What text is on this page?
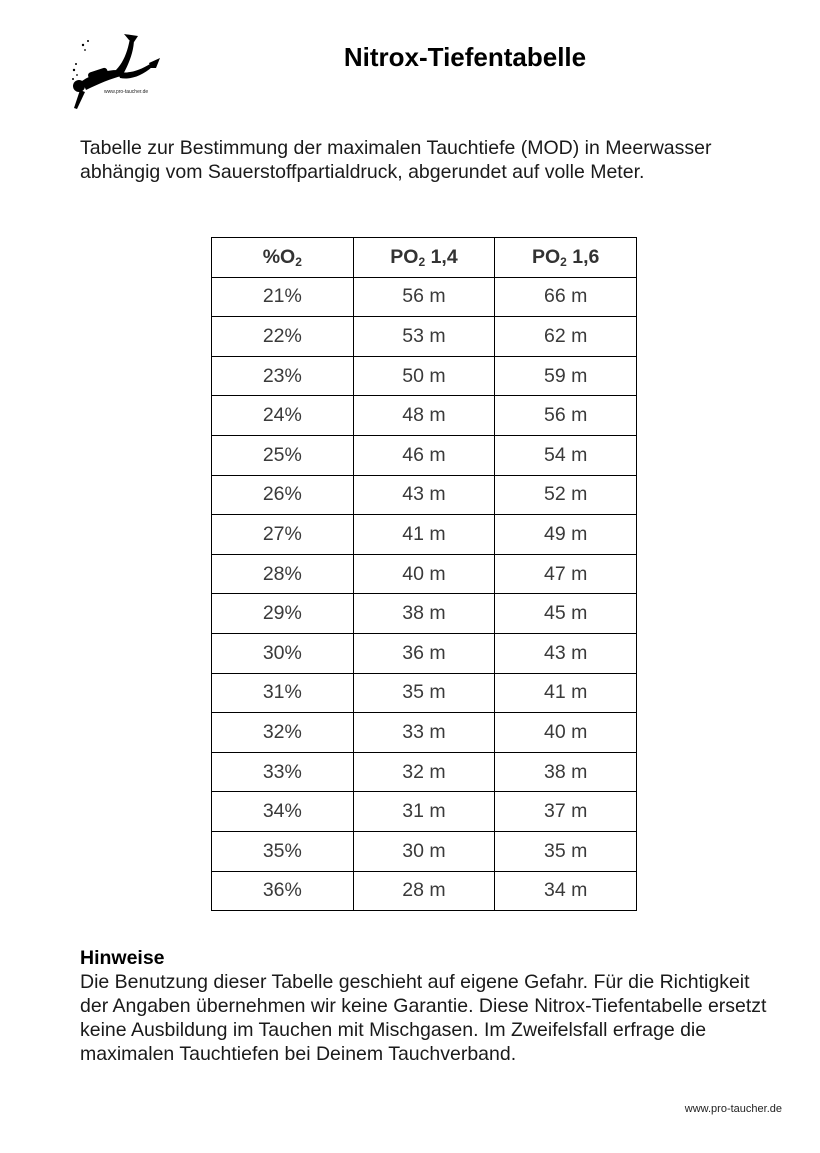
www.pro-taucher.de
Nitrox-Tiefentabelle

Tabelle zur Bestimmung der maximalen Tauchtiefe (MOD) in Meerwasser abhängig vom Sauerstoffpartialdruck, abgerundet auf volle Meter.

$\%O_2$	$PO_2$ 1,4	$PO_2$ 1,6
21%	56 m	66 m
22%	53 m	62 m
23%	50 m	59 m
24%	48 m	56 m
25%	46 m	54 m
26%	43 m	52 m
27%	41 m	49 m
28%	40 m	47 m
29%	38 m	45 m
30%	36 m	43 m
31%	35 m	41 m
32%	33 m	40 m
33%	32 m	38 m
34%	31 m	37 m
35%	30 m	35 m
36%	28 m	34 m
Hinweise

Die Benutzung dieser Tabelle geschieht auf eigene Gefahr. Für die Richtigkeit der Angaben übernehmen wir keine Garantie. Diese Nitrox-Tiefentabelle ersetzt keine Ausbildung im Tauchen mit Mischgasen. Im Zweifelsfall erfrage die maximalen Tauchtiefen bei Deinem Tauchverband.

www.pro-taucher.de
